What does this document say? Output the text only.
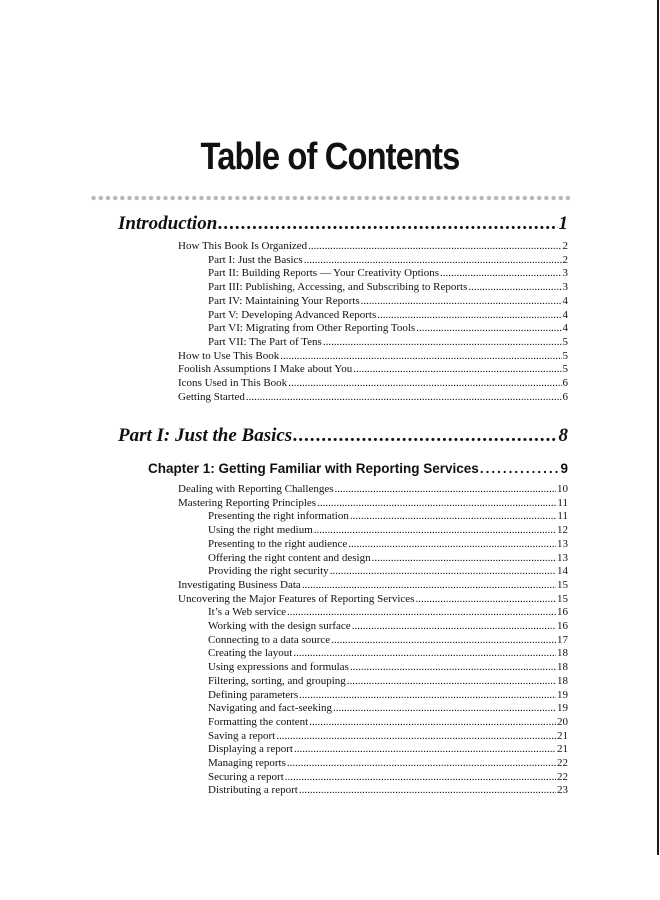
Table of Contents
Introduction .....	1
How This Book Is Organized .....	2
Part I: Just the Basics .....	2
Part II: Building Reports — Your Creativity Options .....	3
Part III: Publishing, Accessing, and Subscribing to Reports .....	3
Part IV: Maintaining Your Reports .....	4
Part V: Developing Advanced Reports .....	4
Part VI: Migrating from Other Reporting Tools .....	4
Part VII: The Part of Tens .....	5
How to Use This Book .....	5
Foolish Assumptions I Make about You .....	5
Icons Used in This Book .....	6
Getting Started .....	6
Part I: Just the Basics .....	8
Chapter 1: Getting Familiar with Reporting Services .....	9
Dealing with Reporting Challenges .....	10
Mastering Reporting Principles .....	11
Presenting the right information .....	11
Using the right medium .....	12
Presenting to the right audience .....	13
Offering the right content and design .....	13
Providing the right security .....	14
Investigating Business Data .....	15
Uncovering the Major Features of Reporting Services .....	15
It’s a Web service .....	16
Working with the design surface .....	16
Connecting to a data source .....	17
Creating the layout .....	18
Using expressions and formulas .....	18
Filtering, sorting, and grouping .....	18
Defining parameters .....	19
Navigating and fact-seeking .....	19
Formatting the content .....	20
Saving a report .....	21
Displaying a report .....	21
Managing reports .....	22
Securing a report .....	22
Distributing a report .....	23
